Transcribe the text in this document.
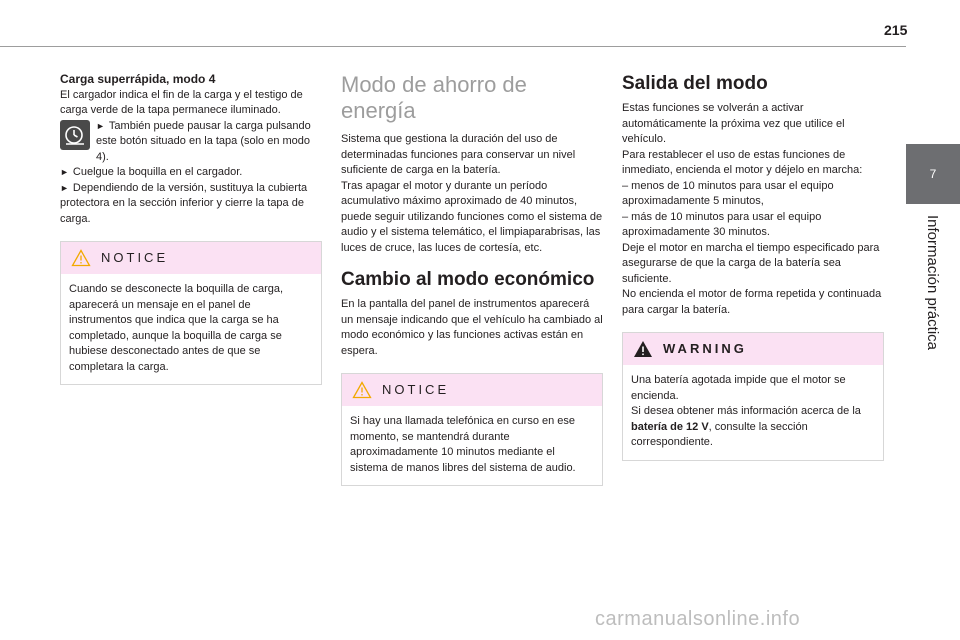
215
7
Información práctica

Carga superrápida, modo 4

El cargador indica el fin de la carga y el testigo de carga verde de la tapa permanece iluminado.

► También puede pausar la carga pulsando este botón situado en la tapa (solo en modo 4).

► Cuelgue la boquilla en el cargador.

► Dependiendo de la versión, sustituya la cubierta protectora en la sección inferior y cierre la tapa de carga.

NOTICE
Cuando se desconecte la boquilla de carga, aparecerá un mensaje en el panel de instrumentos que indica que la carga se ha completado, aunque la boquilla de carga se hubiese desconectado antes de que se completara la carga.
Modo de ahorro de energía

Sistema que gestiona la duración del uso de determinadas funciones para conservar un nivel suficiente de carga en la batería.

Tras apagar el motor y durante un período acumulativo máximo aproximado de 40 minutos, puede seguir utilizando funciones como el sistema de audio y el sistema telemático, el limpiaparabrisas, las luces de cruce, las luces de cortesía, etc.

Cambio al modo económico

En la pantalla del panel de instrumentos aparecerá un mensaje indicando que el vehículo ha cambiado al modo económico y las funciones activas están en espera.

NOTICE
Si hay una llamada telefónica en curso en ese momento, se mantendrá durante aproximadamente 10 minutos mediante el sistema de manos libres del sistema de audio.
Salida del modo

Estas funciones se volverán a activar automáticamente la próxima vez que utilice el vehículo.

Para restablecer el uso de estas funciones de inmediato, encienda el motor y déjelo en marcha:

– menos de 10 minutos para usar el equipo aproximadamente 5 minutos,

– más de 10 minutos para usar el equipo aproximadamente 30 minutos.

Deje el motor en marcha el tiempo especificado para asegurarse de que la carga de la batería sea suficiente.

No encienda el motor de forma repetida y continuada para cargar la batería.

WARNING

Una batería agotada impide que el motor se encienda.

Si desea obtener más información acerca de la batería de 12 V, consulte la sección correspondiente.

carmanualsonline.info
